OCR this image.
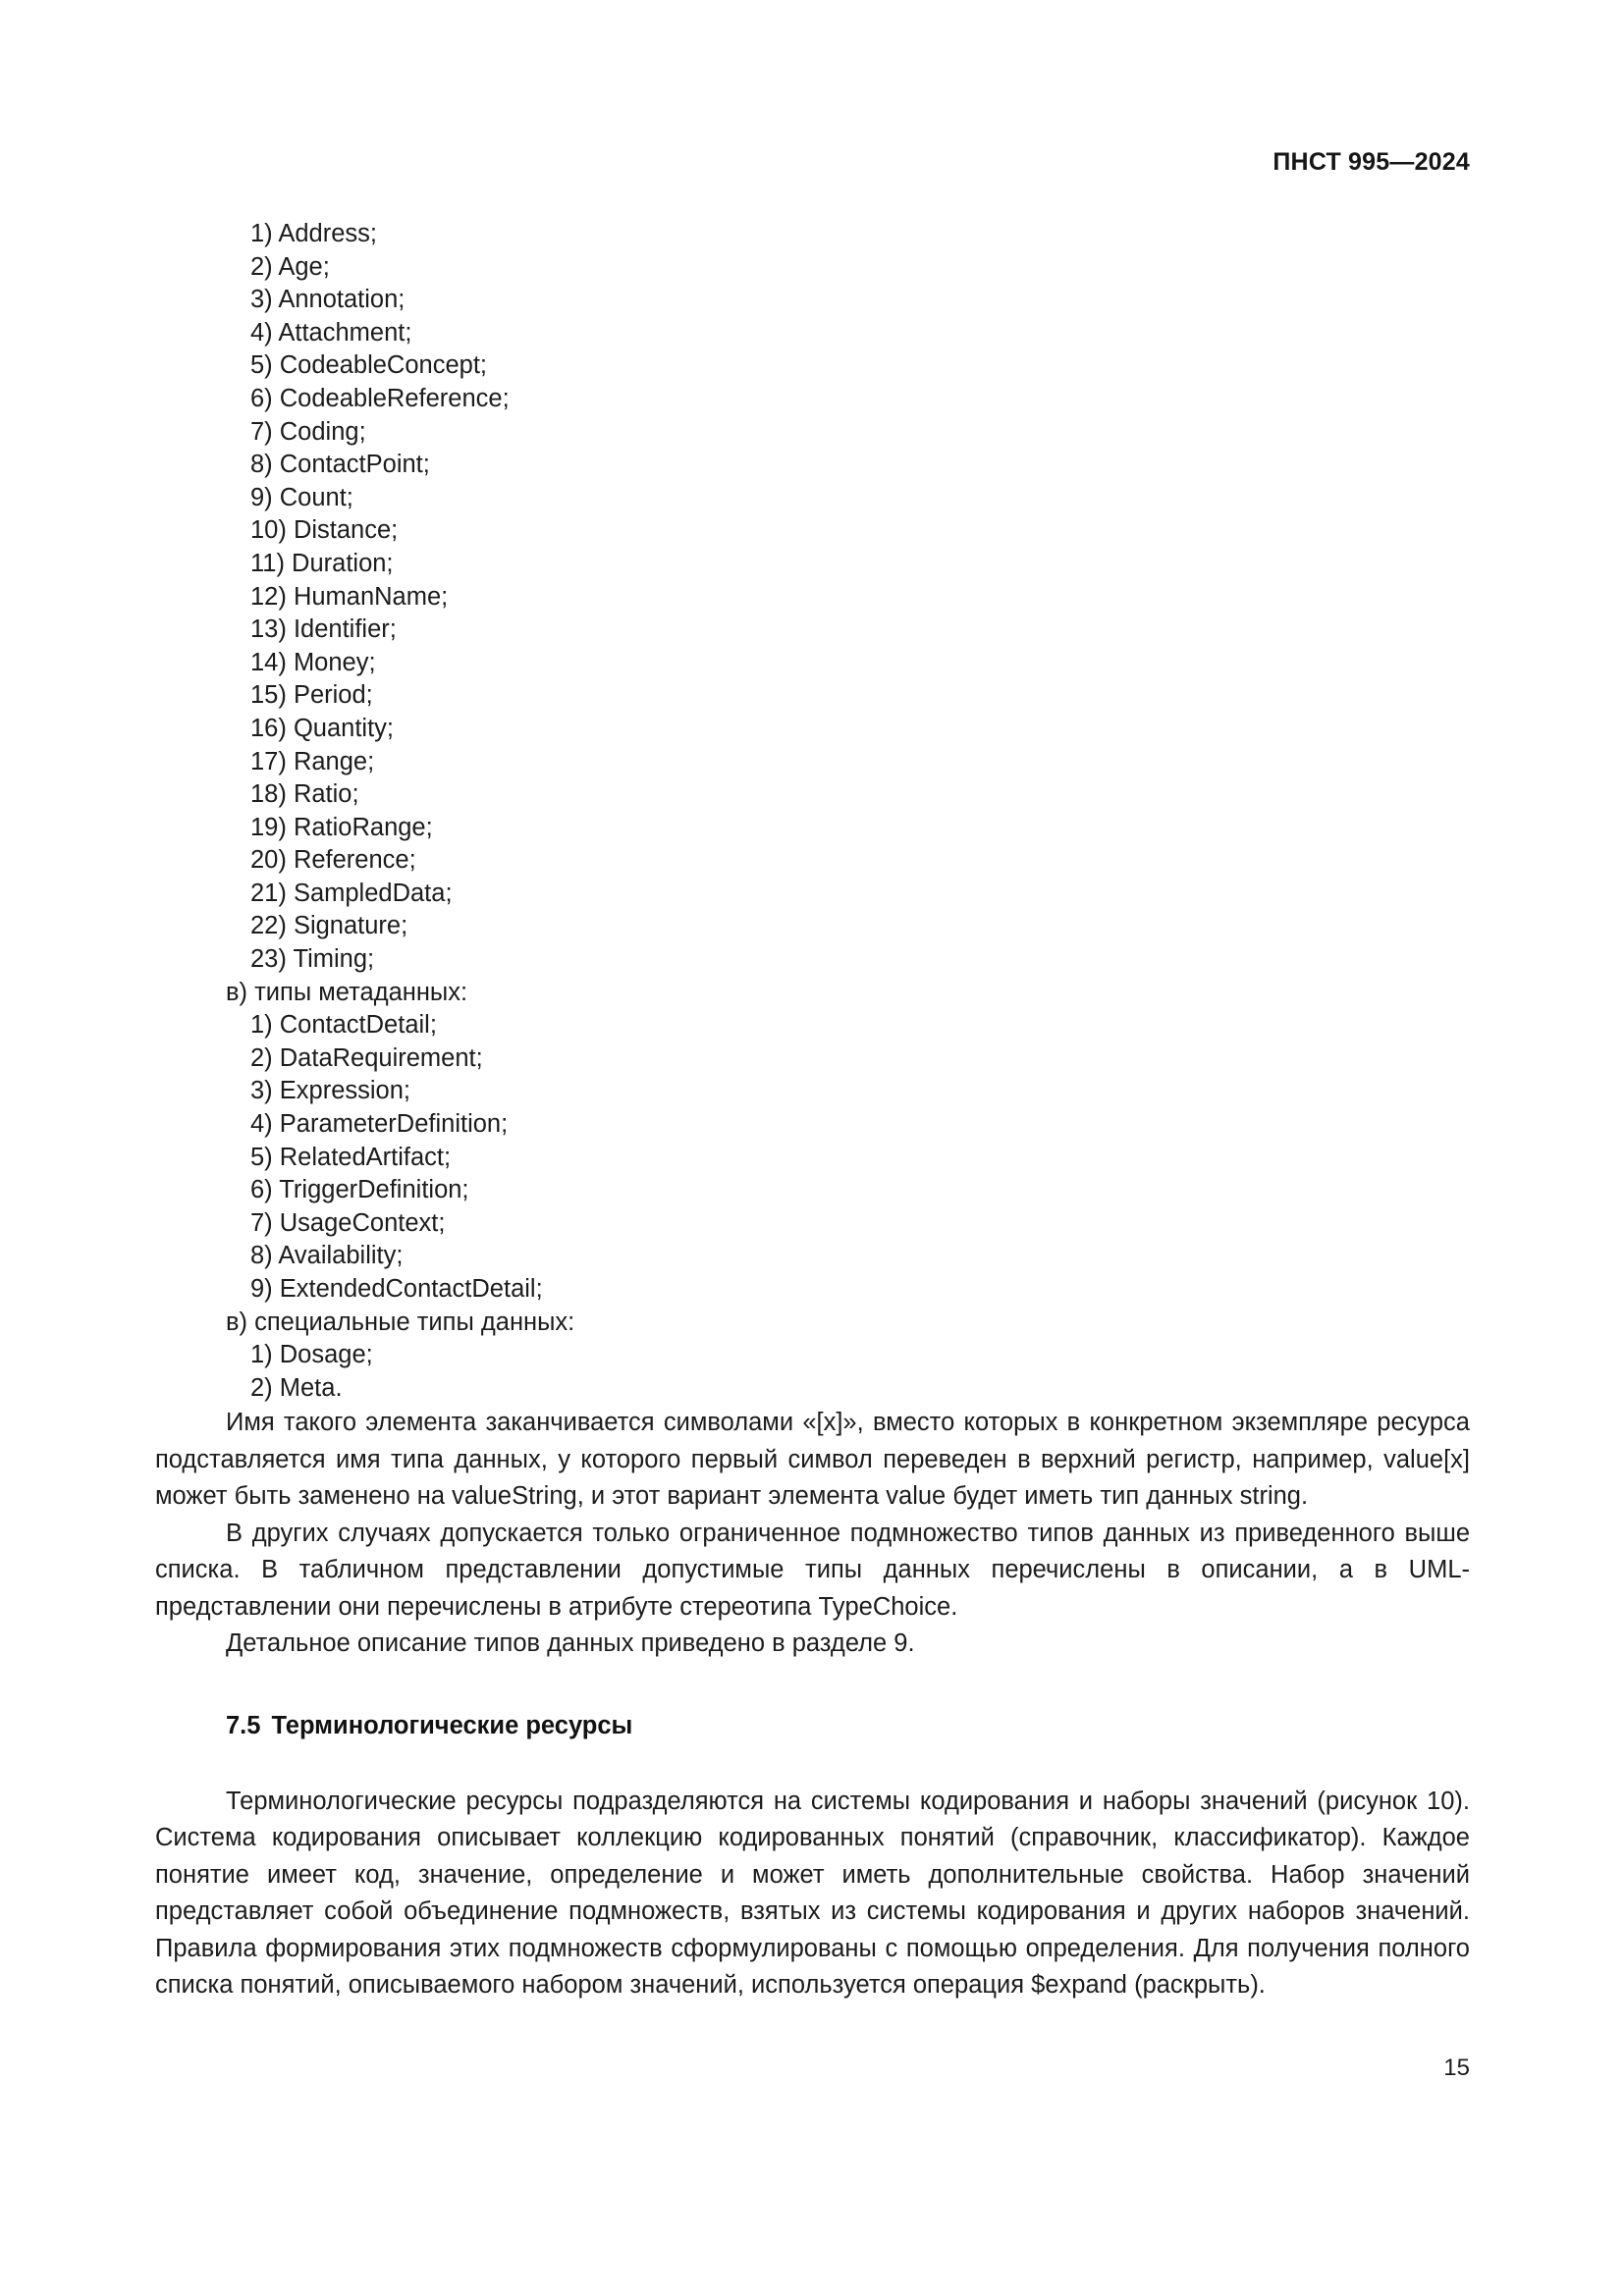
ПНСТ 995—2024
1) Address;
2) Age;
3) Annotation;
4) Attachment;
5) CodeableConcept;
6) CodeableReference;
7) Coding;
8) ContactPoint;
9) Count;
10) Distance;
11) Duration;
12) HumanName;
13) Identifier;
14) Money;
15) Period;
16) Quantity;
17) Range;
18) Ratio;
19) RatioRange;
20) Reference;
21) SampledData;
22) Signature;
23) Timing;
в) типы метаданных:
1) ContactDetail;
2) DataRequirement;
3) Expression;
4) ParameterDefinition;
5) RelatedArtifact;
6) TriggerDefinition;
7) UsageContext;
8) Availability;
9) ExtendedContactDetail;
в) специальные типы данных:
1) Dosage;
2) Meta.

Имя такого элемента заканчивается символами «[x]», вместо которых в конкретном экземпляре ресурса подставляется имя типа данных, у которого первый символ переведен в верхний регистр, например, value[x] может быть заменено на valueString, и этот вариант элемента value будет иметь тип данных string.

В других случаях допускается только ограниченное подмножество типов данных из приведенного выше списка. В табличном представлении допустимые типы данных перечислены в описании, а в UML-представлении они перечислены в атрибуте стереотипа TypeChoice.

Детальное описание типов данных приведено в разделе 9.

7.5 Терминологические ресурсы

Терминологические ресурсы подразделяются на системы кодирования и наборы значений (рисунок 10). Система кодирования описывает коллекцию кодированных понятий (справочник, классификатор). Каждое понятие имеет код, значение, определение и может иметь дополнительные свойства. Набор значений представляет собой объединение подмножеств, взятых из системы кодирования и других наборов значений. Правила формирования этих подмножеств сформулированы с помощью определения. Для получения полного списка понятий, описываемого набором значений, используется операция $expand (раскрыть).

15
